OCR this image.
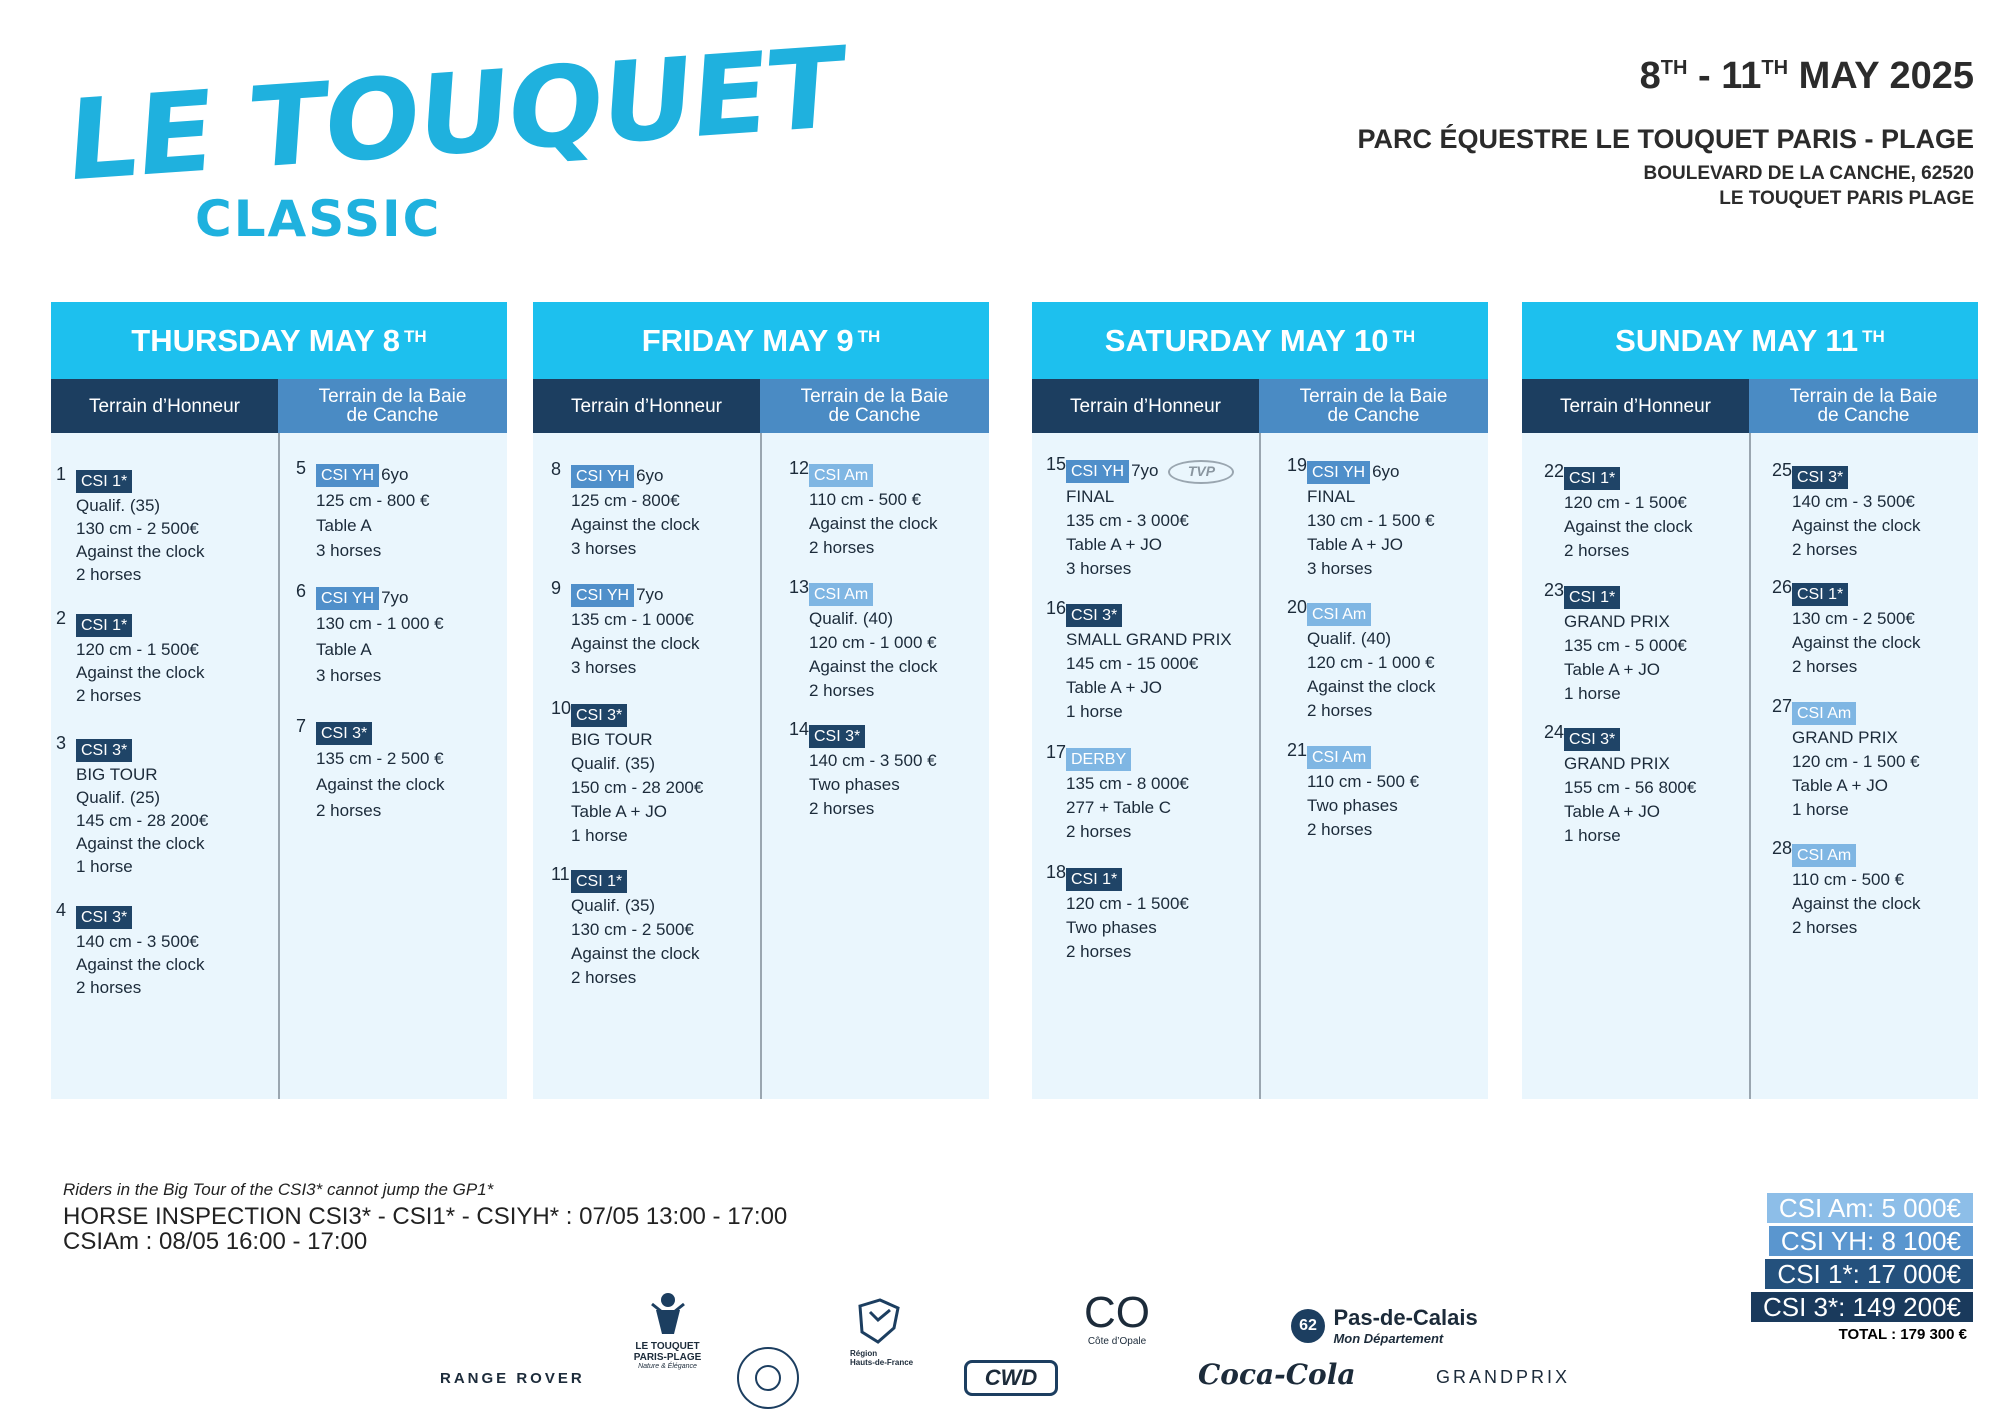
LE TOUQUET
CLASSIC
8TH - 11TH MAY 2025
PARC ÉQUESTRE LE TOUQUET PARIS - PLAGE
BOULEVARD DE LA CANCHE, 62520
LE TOUQUET PARIS PLAGE
THURSDAY MAY 8TH
Terrain d’Honneur	Terrain de la Baie
de Canche
1 CSI 1*
Qualif. (35)
130 cm - 2 500€
Against the clock
2 horses
2 CSI 1*
120 cm - 1 500€
Against the clock
2 horses
3 CSI 3*
BIG TOUR
Qualif. (25)
145 cm - 28 200€
Against the clock
1 horse
4 CSI 3*
140 cm - 3 500€
Against the clock
2 horses
5 CSI YH 6yo
125 cm - 800 €
Table A
3 horses
6 CSI YH 7yo
130 cm - 1 000 €
Table A
3 horses
7 CSI 3*
135 cm - 2 500 €
Against the clock
2 horses
FRIDAY MAY 9TH
Terrain d’Honneur	Terrain de la Baie
de Canche
8 CSI YH 6yo
125 cm - 800€
Against the clock
3 horses
9 CSI YH 7yo
135 cm - 1 000€
Against the clock
3 horses
10 CSI 3*
BIG TOUR
Qualif. (35)
150 cm - 28 200€
Table A + JO
1 horse
11 CSI 1*
Qualif. (35)
130 cm - 2 500€
Against the clock
2 horses
12 CSI Am
110 cm - 500 €
Against the clock
2 horses
13 CSI Am
Qualif. (40)
120 cm - 1 000 €
Against the clock
2 horses
14 CSI 3*
140 cm - 3 500 €
Two phases
2 horses
SATURDAY MAY 10TH
Terrain d’Honneur	Terrain de la Baie
de Canche
15 CSI YH 7yo TVP
FINAL
135 cm - 3 000€
Table A + JO
3 horses
16 CSI 3*
SMALL GRAND PRIX
145 cm - 15 000€
Table A + JO
1 horse
17 DERBY
135 cm - 8 000€
277 + Table C
2 horses
18 CSI 1*
120 cm - 1 500€
Two phases
2 horses
19 CSI YH 6yo
FINAL
130 cm - 1 500 €
Table A + JO
3 horses
20 CSI Am
Qualif. (40)
120 cm - 1 000 €
Against the clock
2 horses
21 CSI Am
110 cm - 500 €
Two phases
2 horses
SUNDAY MAY 11TH
Terrain d’Honneur	Terrain de la Baie
de Canche
22 CSI 1*
120 cm - 1 500€
Against the clock
2 horses
23 CSI 1*
GRAND PRIX
135 cm - 5 000€
Table A + JO
1 horse
24 CSI 3*
GRAND PRIX
155 cm - 56 800€
Table A + JO
1 horse
25 CSI 3*
140 cm - 3 500€
Against the clock
2 horses
26 CSI 1*
130 cm - 2 500€
Against the clock
2 horses
27 CSI Am
GRAND PRIX
120 cm - 1 500 €
Table A + JO
1 horse
28 CSI Am
110 cm - 500 €
Against the clock
2 horses
Riders in the Big Tour of the CSI3* cannot jump the GP1*
HORSE INSPECTION CSI3* - CSI1* - CSIYH* : 07/05 13:00 - 17:00
CSIAm : 08/05 16:00 - 17:00
CSI Am: 5 000€
CSI YH: 8 100€
CSI 1*: 17 000€
CSI 3*: 149 200€
TOTAL : 179 300 €
RANGE ROVER
LE TOUQUET
PARIS-PLAGE
Nature & Élégance
Région
Hauts-de-France
CWD
CO
Côte d’Opale
Coca-Cola
62 Pas-de-Calais
Mon Département
GRANDPRIX
